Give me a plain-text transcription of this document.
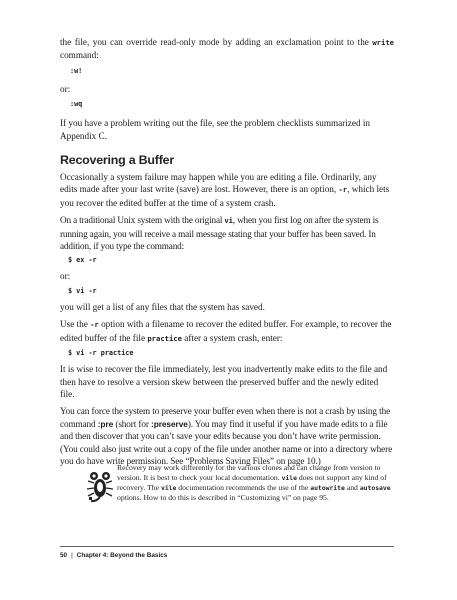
the file, you can override read-only mode by adding an exclamation point to the write command:

:w!

or:

:wq

If you have a problem writing out the file, see the problem checklists summarized in Appendix C.

Recovering a Buffer

Occasionally a system failure may happen while you are editing a file. Ordinarily, any edits made after your last write (save) are lost. However, there is an option, -r, which lets you recover the edited buffer at the time of a system crash.

On a traditional Unix system with the original vi, when you first log on after the system is running again, you will receive a mail message stating that your buffer has been saved. In addition, if you type the command:

$ ex -r

or:

$ vi -r

you will get a list of any files that the system has saved.

Use the -r option with a filename to recover the edited buffer. For example, to recover the edited buffer of the file practice after a system crash, enter:

$ vi -r practice

It is wise to recover the file immediately, lest you inadvertently make edits to the file and then have to resolve a version skew between the preserved buffer and the newly edited file.

You can force the system to preserve your buffer even when there is not a crash by using the command :pre (short for :preserve). You may find it useful if you have made edits to a file and then discover that you can’t save your edits because you don’t have write permission. (You could also just write out a copy of the file under another name or into a directory where you do have write permission. See “Problems Saving Files” on page 10.)

Recovery may work differently for the various clones and can change from version to version. It is best to check your local documentation. vile does not support any kind of recovery. The vile documentation recommends the use of the autowrite and autosave options. How to do this is described in “Customizing vi” on page 95.
50 | Chapter 4: Beyond the Basics
